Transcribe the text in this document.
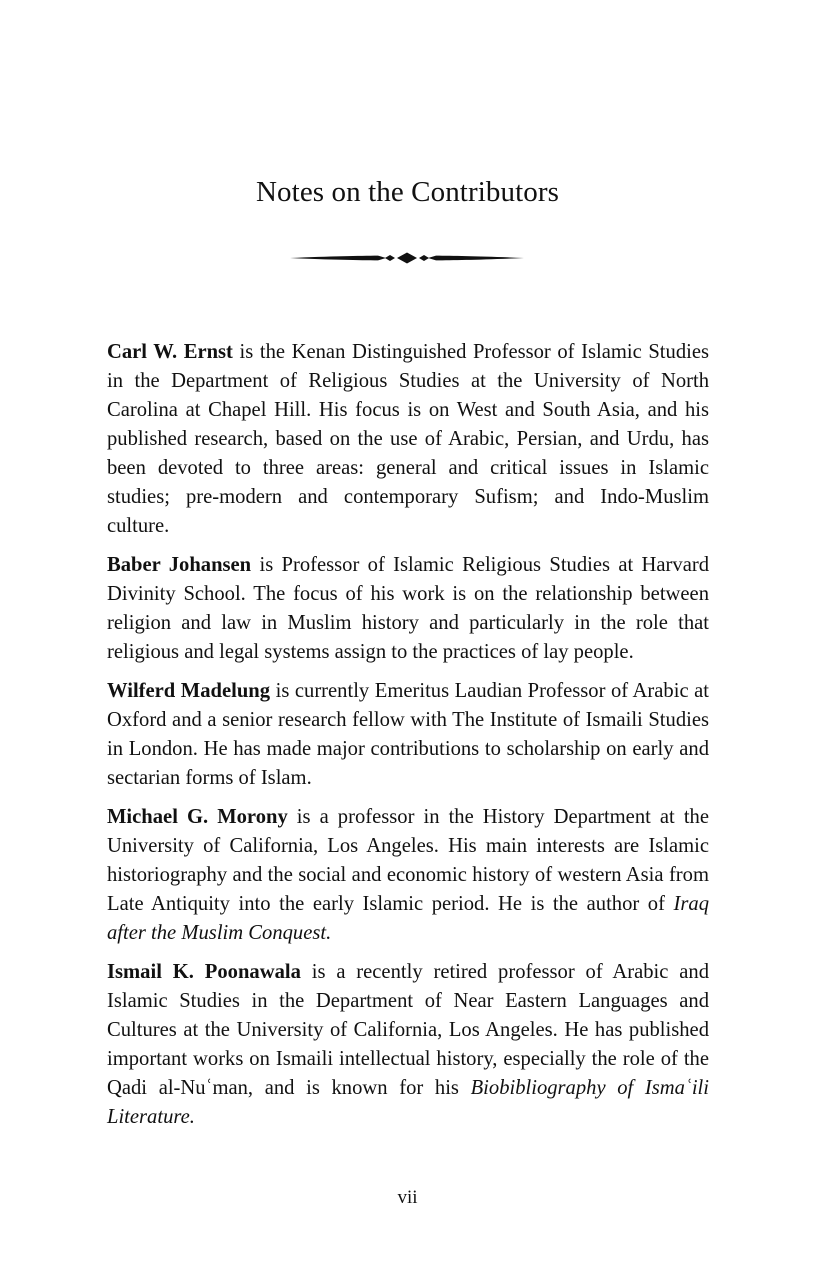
Notes on the Contributors

Carl W. Ernst is the Kenan Distinguished Professor of Islamic Studies in the Department of Religious Studies at the University of North Carolina at Chapel Hill. His focus is on West and South Asia, and his published research, based on the use of Arabic, Persian, and Urdu, has been devoted to three areas: general and critical issues in Islamic studies; pre-modern and contemporary Sufism; and Indo-Muslim culture.

Baber Johansen is Professor of Islamic Religious Studies at Harvard Divinity School. The focus of his work is on the relationship between religion and law in Muslim history and particularly in the role that religious and legal systems assign to the practices of lay people.

Wilferd Madelung is currently Emeritus Laudian Professor of Arabic at Oxford and a senior research fellow with The Institute of Ismaili Studies in London. He has made major contributions to scholarship on early and sectarian forms of Islam.

Michael G. Morony is a professor in the History Department at the University of California, Los Angeles. His main interests are Islamic historiography and the social and economic history of western Asia from Late Antiquity into the early Islamic period. He is the author of Iraq after the Muslim Conquest.

Ismail K. Poonawala is a recently retired professor of Arabic and Islamic Studies in the Department of Near Eastern Languages and Cultures at the University of California, Los Angeles. He has published important works on Ismaili intellectual history, especially the role of the Qadi al-Nuʿman, and is known for his Biobibliography of Ismaʿili Literature.

vii
